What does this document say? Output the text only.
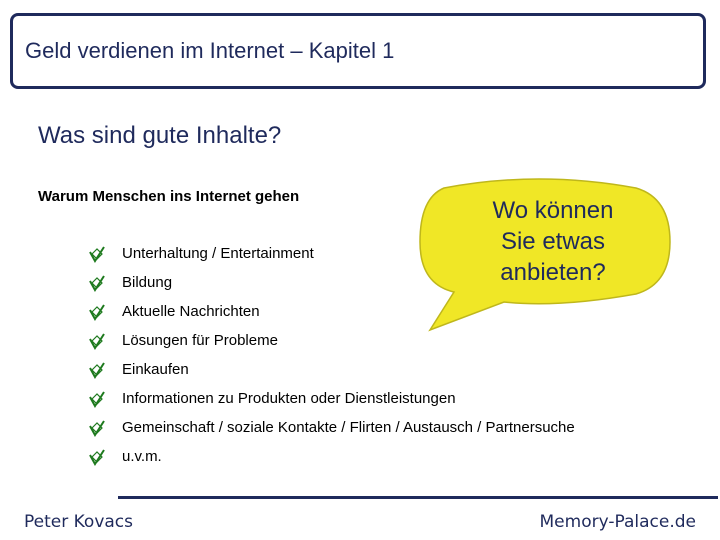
Geld verdienen im Internet – Kapitel 1
Was sind gute Inhalte?
Warum Menschen ins Internet gehen
Unterhaltung / Entertainment
Bildung
Aktuelle Nachrichten
Lösungen für Probleme
Einkaufen
Informationen zu Produkten oder Dienstleistungen
Gemeinschaft / soziale Kontakte / Flirten / Austausch / Partnersuche
u.v.m.
Wo können
Sie etwas
anbieten?
Peter Kovacs	Memory-Palace.de
